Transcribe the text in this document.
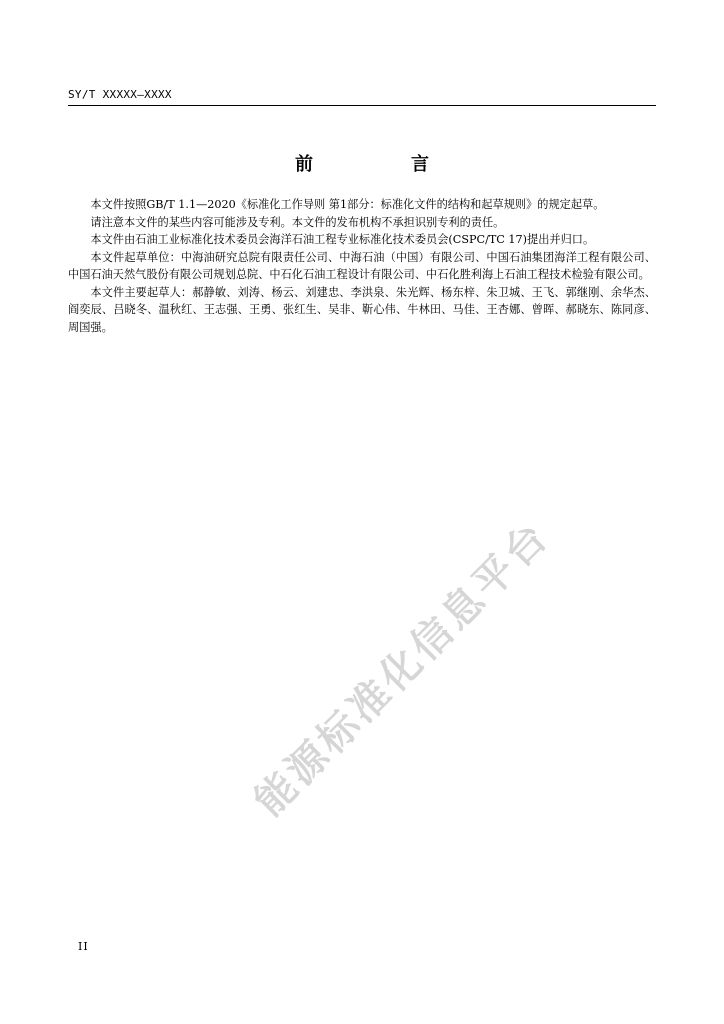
SY/T XXXXX—XXXX
前　言

本文件按照GB/T 1.1—2020《标准化工作导则 第1部分：标准化文件的结构和起草规则》的规定起草。

请注意本文件的某些内容可能涉及专利。本文件的发布机构不承担识别专利的责任。

本文件由石油工业标准化技术委员会海洋石油工程专业标准化技术委员会(CSPC/TC 17)提出并归口。

本文件起草单位：中海油研究总院有限责任公司、中海石油（中国）有限公司、中国石油集团海洋工程有限公司、中国石油天然气股份有限公司规划总院、中石化石油工程设计有限公司、中石化胜利海上石油工程技术检验有限公司。

本文件主要起草人：郝静敏、刘涛、杨云、刘建忠、李洪泉、朱光辉、杨东梓、朱卫城、王飞、郭继刚、余华杰、阎奕辰、吕晓冬、温秋红、王志强、王勇、张红生、吴非、靳心伟、牛林田、马佳、王杏娜、曾晖、郝晓东、陈同彦、周国强。

能源标准化信息平台
II
